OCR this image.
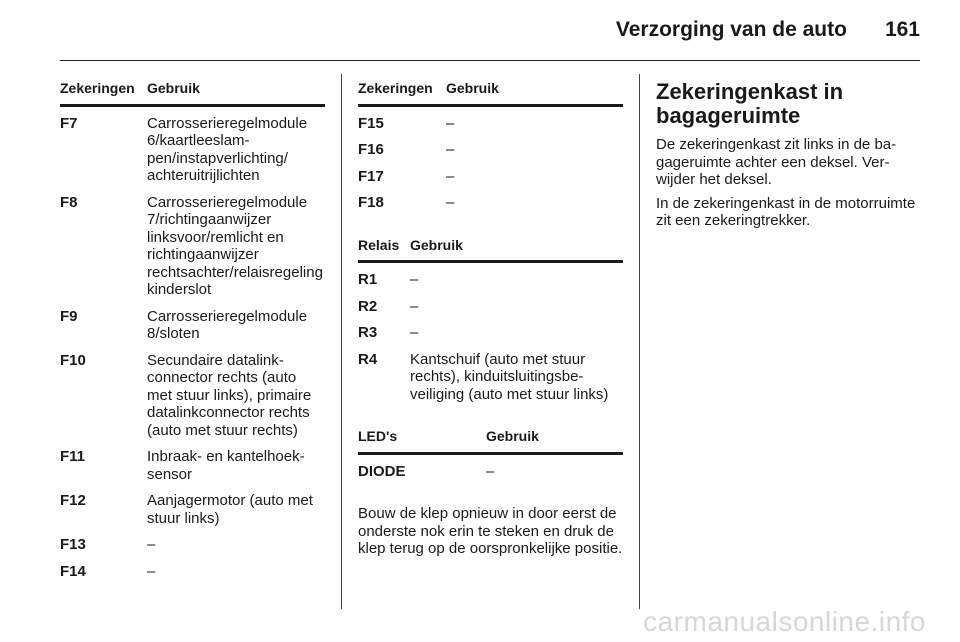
Verzorging van de auto 161
Zekeringen	Gebruik
F7	Carrosserieregelmodule 6/kaartleeslampen/instapverlichting/ achteruitrijlichten
F8	Carrosserieregelmodule 7/richtingaanwijzer linksvoor/remlicht en richtingaanwijzer rechtsachter/relaisregeling kinderslot
F9	Carrosserieregelmodule 8/sloten
F10	Secundaire datalinkconnector rechts (auto met stuur links), primaire datalinkconnector rechts (auto met stuur rechts)
F11	Inbraak- en kantelhoeksensor
F12	Aanjagermotor (auto met stuur links)
F13	–
F14	–
Zekeringen	Gebruik
F15	–
F16	–
F17	–
F18	–
Relais	Gebruik
R1	–
R2	–
R3	–
R4	Kantschuif (auto met stuur rechts), kinduitsluitingsbeveiliging (auto met stuur links)
LED's	Gebruik
DIODE	–
Bouw de klep opnieuw in door eerst de onderste nok erin te steken en druk de klep terug op de oorspronkelijke positie.
Zekeringenkast in bagageruimte

De zekeringenkast zit links in de bagageruimte achter een deksel. Verwijder het deksel.

In de zekeringenkast in de motorruimte zit een zekeringtrekker.

carmanualsonline.info
